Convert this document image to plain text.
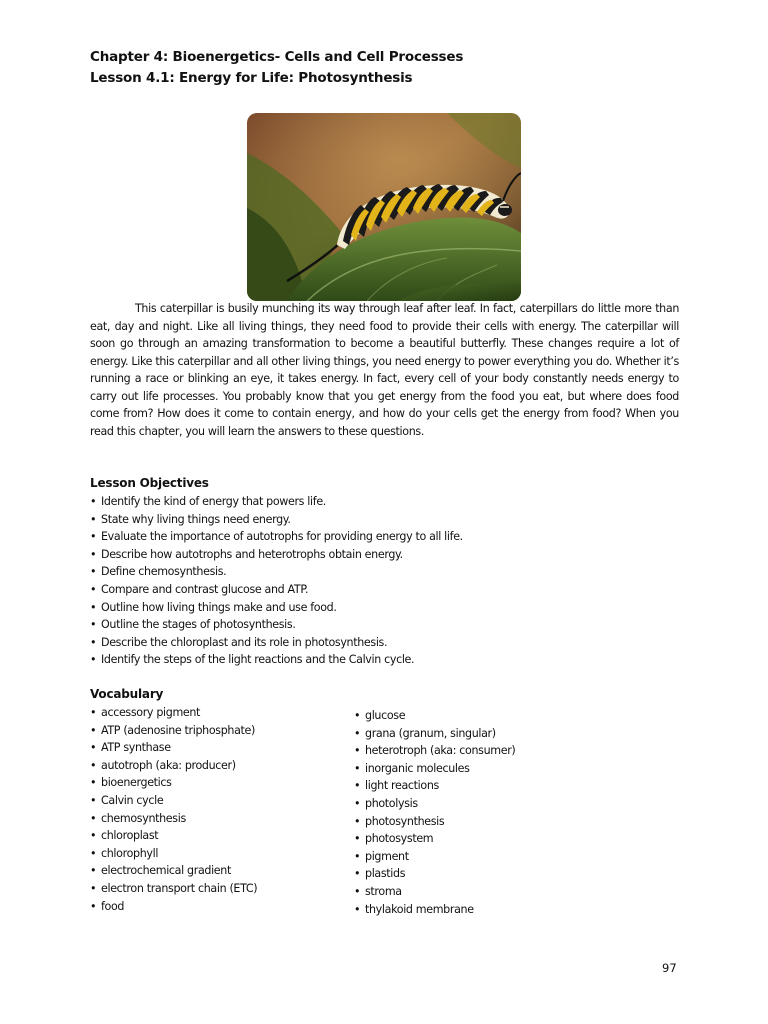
Chapter 4: Bioenergetics- Cells and Cell Processes
Lesson 4.1: Energy for Life: Photosynthesis

This caterpillar is busily munching its way through leaf after leaf. In fact, caterpillars do little more than eat, day and night. Like all living things, they need food to provide their cells with energy. The caterpillar will soon go through an amazing transformation to become a beautiful butterfly. These changes require a lot of energy. Like this caterpillar and all other living things, you need energy to power everything you do. Whether it’s running a race or blinking an eye, it takes energy. In fact, every cell of your body constantly needs energy to carry out life processes. You probably know that you get energy from the food you eat, but where does food come from? How does it come to contain energy, and how do your cells get the energy from food? When you read this chapter, you will learn the answers to these questions.

Lesson Objectives
• Identify the kind of energy that powers life.
• State why living things need energy.
• Evaluate the importance of autotrophs for providing energy to all life.
• Describe how autotrophs and heterotrophs obtain energy.
• Define chemosynthesis.
• Compare and contrast glucose and ATP.
• Outline how living things make and use food.
• Outline the stages of photosynthesis.
• Describe the chloroplast and its role in photosynthesis.
• Identify the steps of the light reactions and the Calvin cycle.
Vocabulary
• accessory pigment
• ATP (adenosine triphosphate)
• ATP synthase
• autotroph (aka: producer)
• bioenergetics
• Calvin cycle
• chemosynthesis
• chloroplast
• chlorophyll
• electrochemical gradient
• electron transport chain (ETC)
• food
• glucose
• grana (granum, singular)
• heterotroph (aka: consumer)
• inorganic molecules
• light reactions
• photolysis
• photosynthesis
• photosystem
• pigment
• plastids
• stroma
• thylakoid membrane
97
